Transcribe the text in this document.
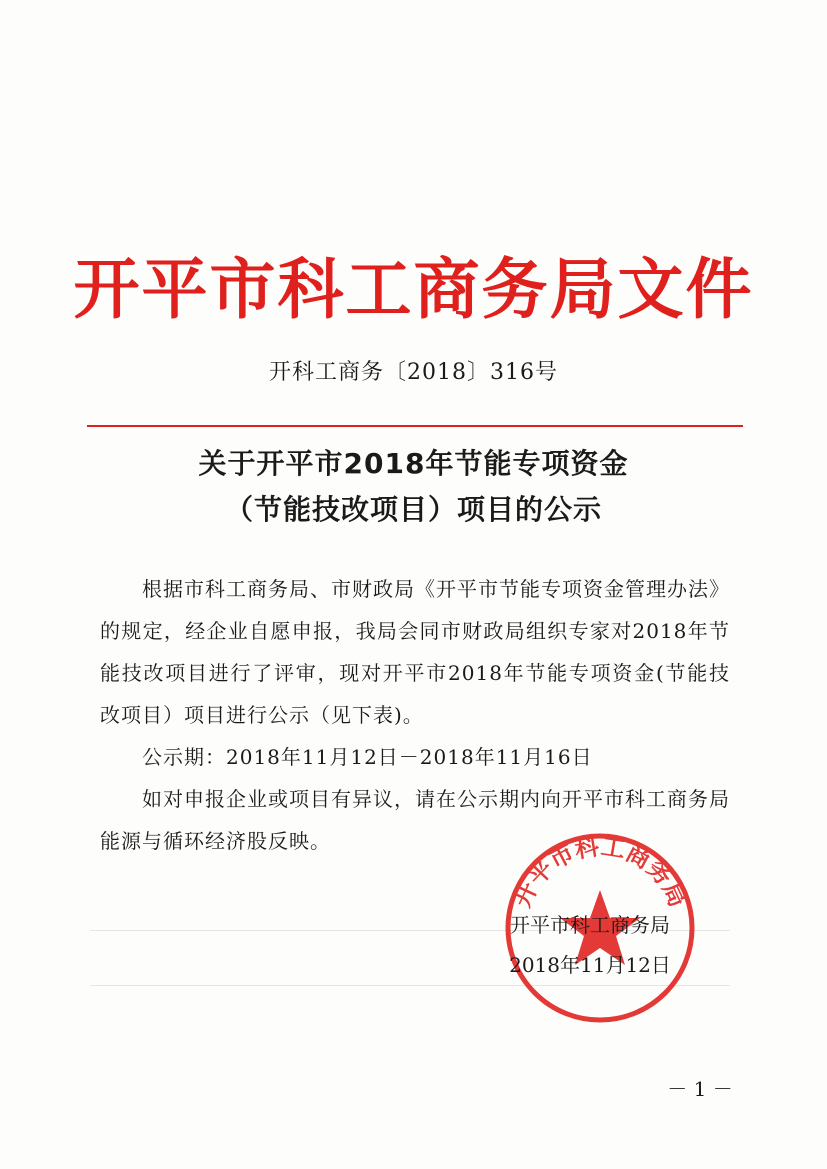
开平市科工商务局文件
开科工商务〔2018〕316号
关于开平市2018年节能专项资金
（节能技改项目）项目的公示

根据市科工商务局、市财政局《开平市节能专项资金管理办法》的规定，经企业自愿申报，我局会同市财政局组织专家对2018年节能技改项目进行了评审，现对开平市2018年节能专项资金(节能技改项目）项目进行公示（见下表)。

公示期：2018年11月12日－2018年11月16日

如对申报企业或项目有异议，请在公示期内向开平市科工商务局能源与循环经济股反映。

开平市科工商务局
开平市科工商务局
2018年11月12日
－ 1 －
